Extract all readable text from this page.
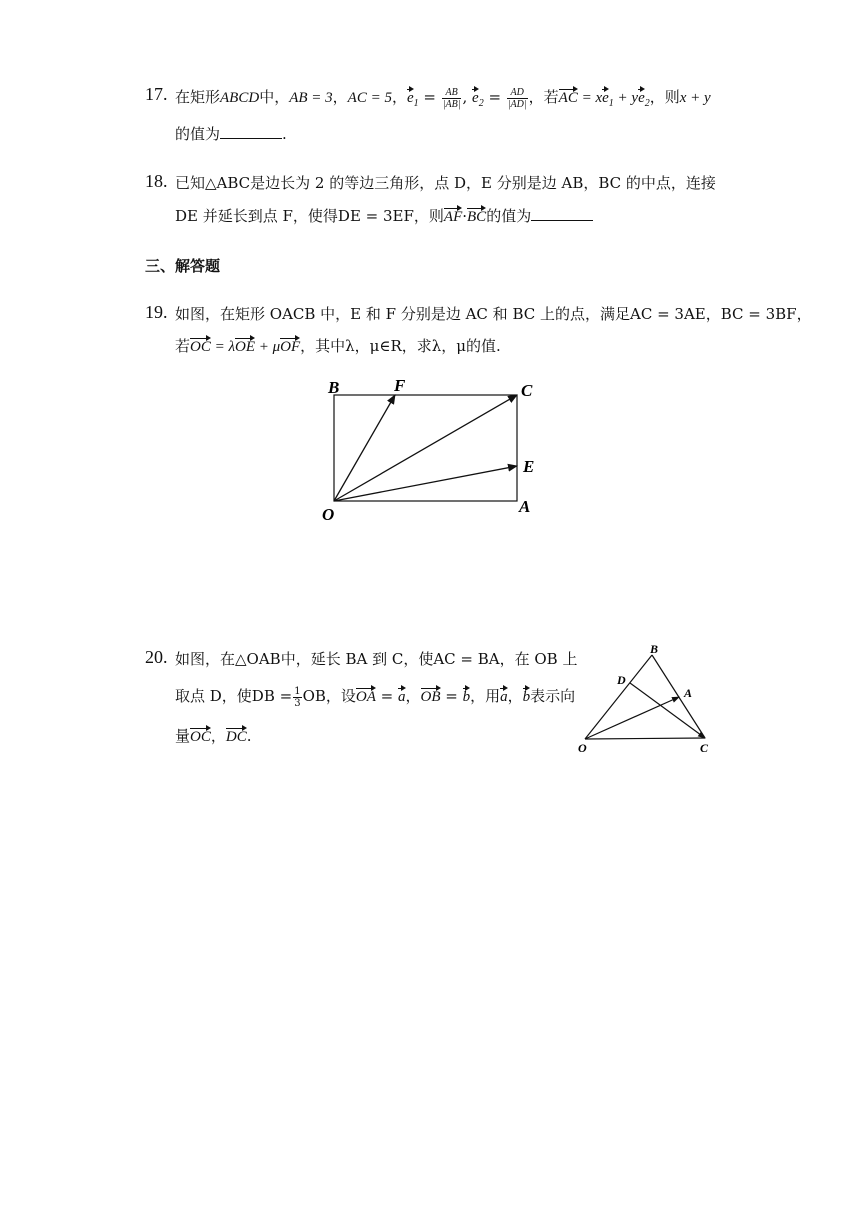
17. 在矩形ABCD中，AB = 3，AC = 5，$e_1 = \frac{AB}{|AB|}$ , $e_2 = \frac{AD}{|AD|}$ ，若AC = $xe_1 + ye_2$，则x + y
的值为	.
18. 已知△ABC是边长为 2 的等边三角形，点 D，E 分别是边 AB，BC 的中点，连接
DE 并延长到点 F，使得DE = 3EF，则AF·BC的值为
三、解答题
19. 如图，在矩形 OACB 中，E 和 F 分别是边 AC 和 BC 上的点，满足AC = 3AE，BC = 3BF，
若OC = λOE + μOF，其中λ，μ∈R，求λ，μ的值.
B	F	C
E
O	A
20. 如图，在△OAB中，延长 BA 到 C，使AC = BA，在 OB 上
取点 D，使DB = $\frac{1}{3}$ OB，设OA = a，OB = b，用a，b表示向
量OC，DC.
B
D
A
O	C
